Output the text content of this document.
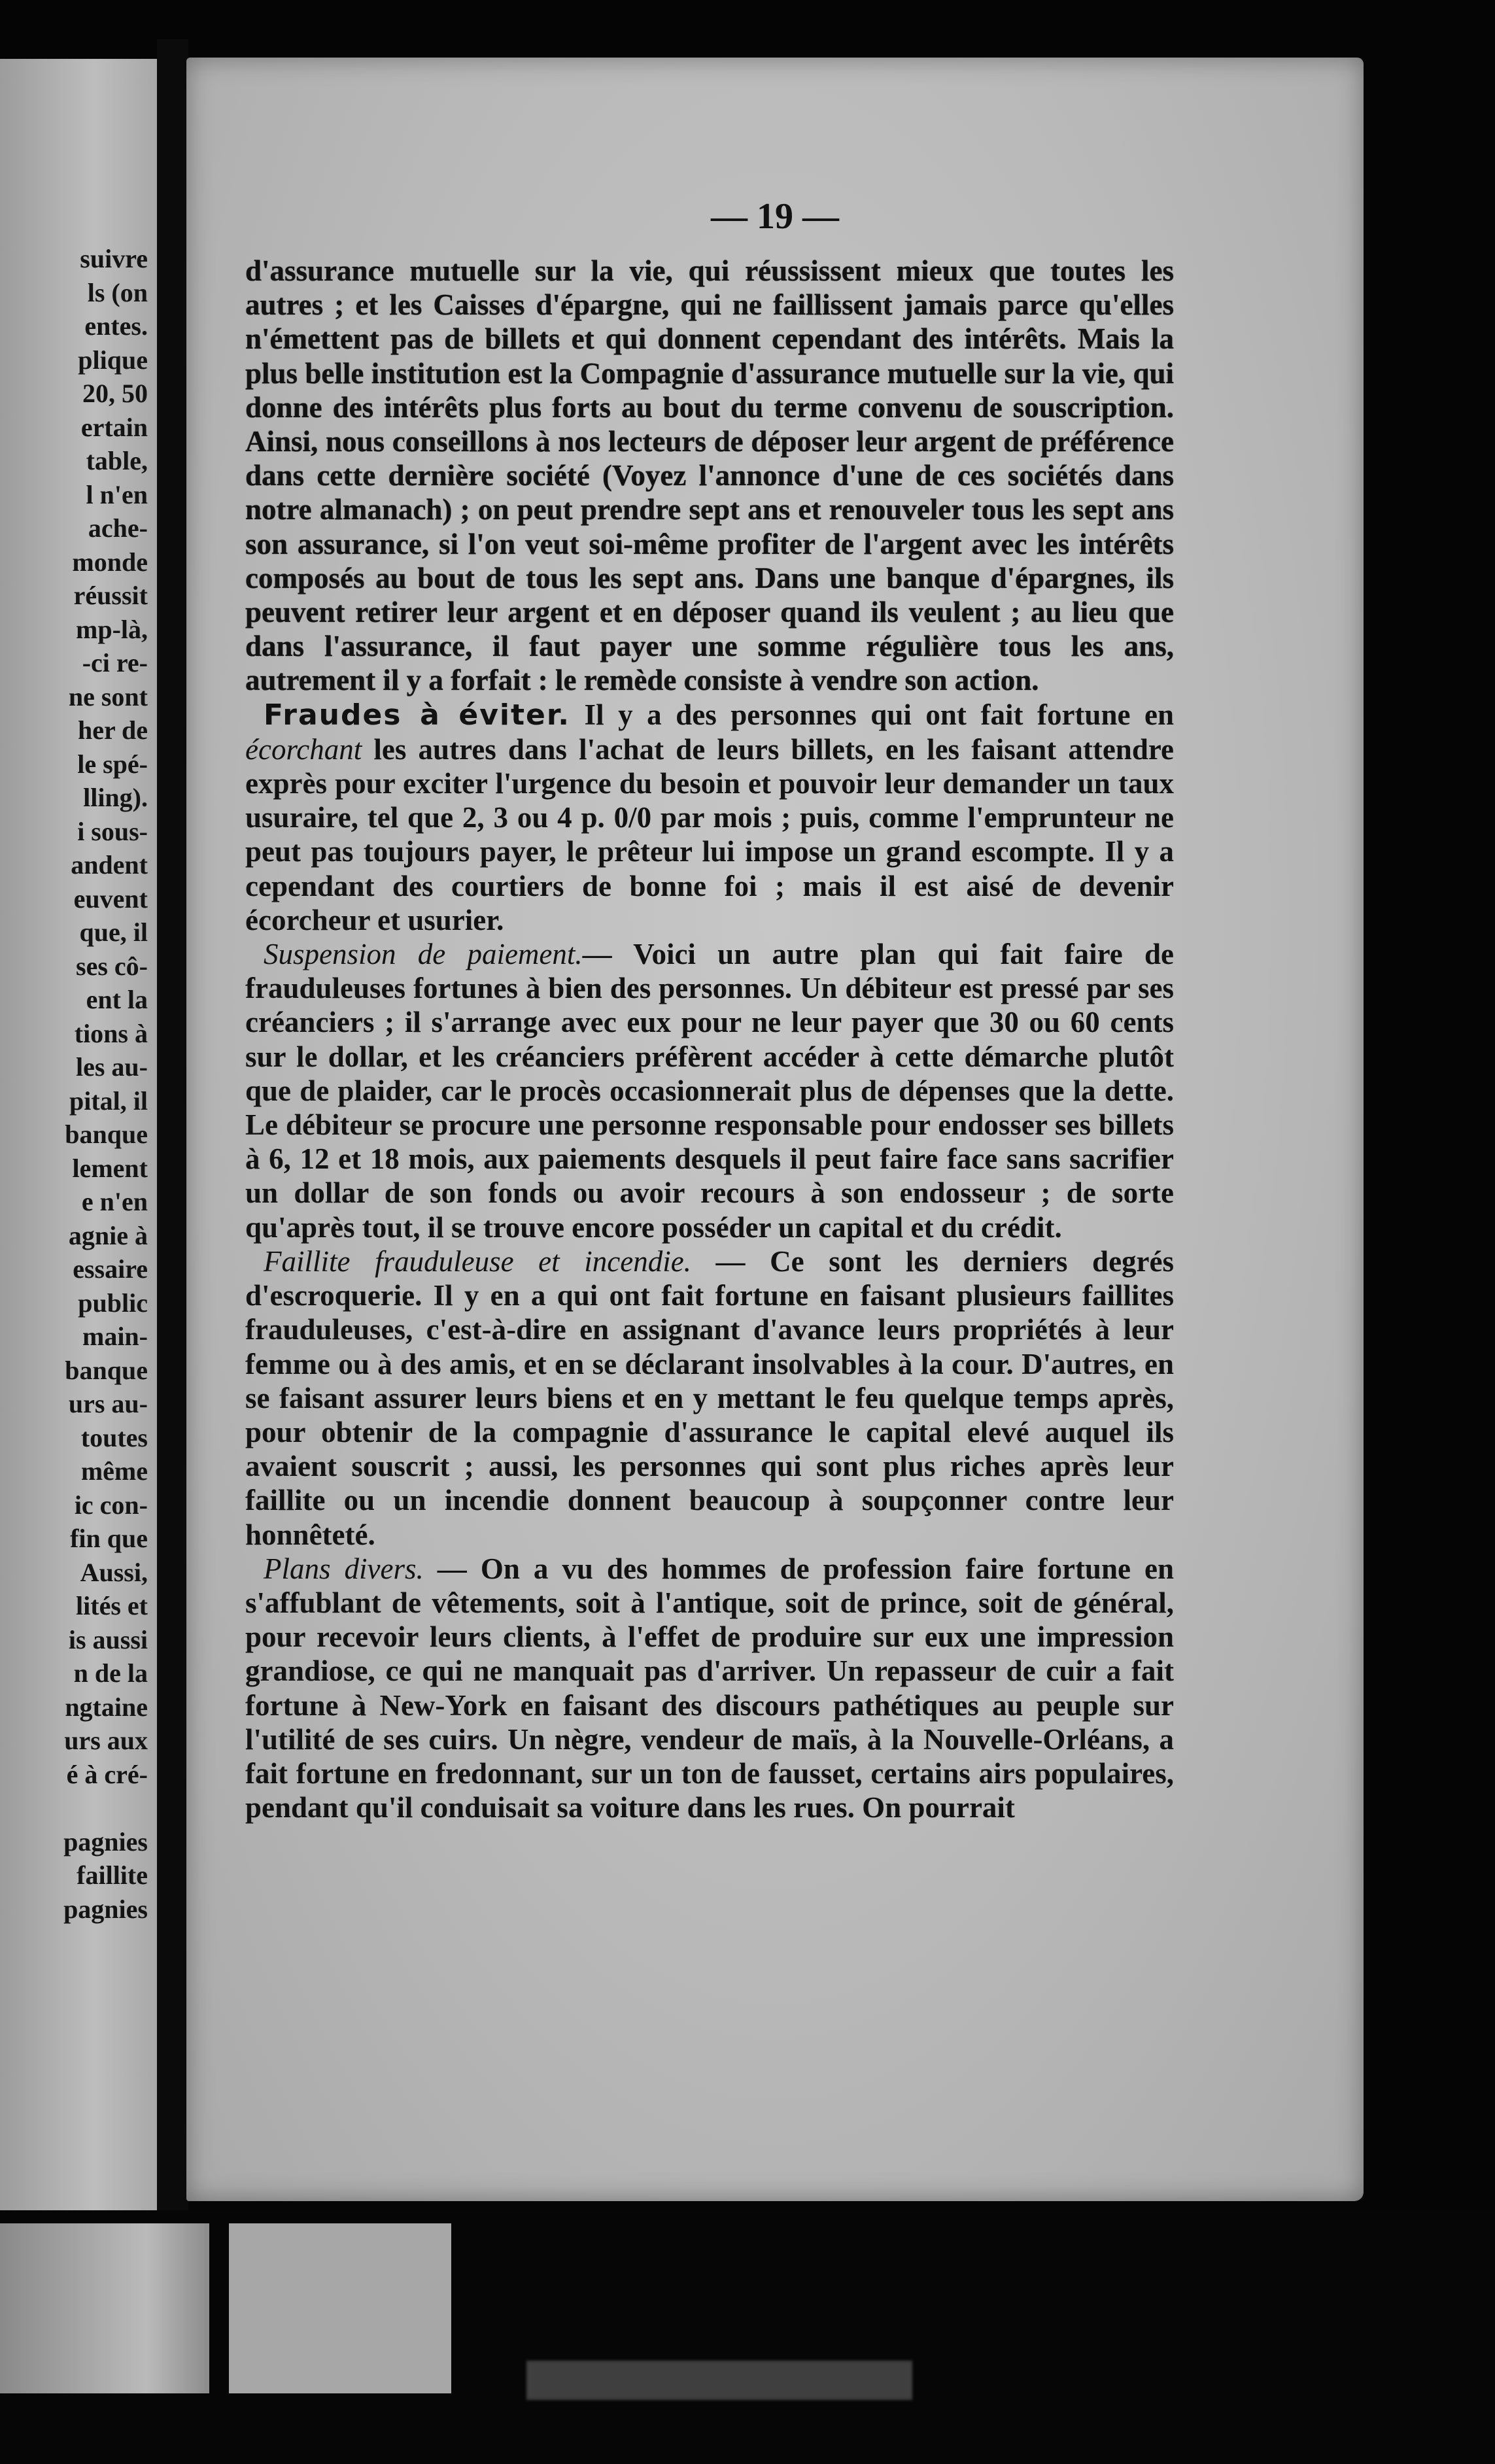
suivre
ls (on
entes.
plique
20, 50
ertain
table,
l n'en
ache-
monde
réussit
mp-là,
-ci re-
ne sont
her de
le spé-
lling).
i sous-
andent
euvent
que, il
ses cô-
ent la
tions à
les au-
pital, il
banque
lement
e n'en
agnie à
essaire
public
main-
banque
urs au-
toutes
même
ic con-
fin que
Aussi,
lités et
is aussi
n de la
ngtaine
urs aux
é à cré-
pagnies
faillite
pagnies
— 19 —

d'assurance mutuelle sur la vie, qui réussissent mieux que toutes les autres ; et les Caisses d'épargne, qui ne faillissent jamais parce qu'elles n'émettent pas de billets et qui donnent cependant des intérêts. Mais la plus belle institution est la Compagnie d'assurance mutuelle sur la vie, qui donne des intérêts plus forts au bout du terme convenu de souscription. Ainsi, nous conseillons à nos lecteurs de déposer leur argent de préférence dans cette dernière société (Voyez l'annonce d'une de ces sociétés dans notre almanach) ; on peut prendre sept ans et renouveler tous les sept ans son assurance, si l'on veut soi-même profiter de l'argent avec les intérêts composés au bout de tous les sept ans. Dans une banque d'épargnes, ils peuvent retirer leur argent et en déposer quand ils veulent ; au lieu que dans l'assurance, il faut payer une somme régulière tous les ans, autrement il y a forfait : le remède consiste à vendre son action.

Fraudes à éviter. Il y a des personnes qui ont fait fortune en écorchant les autres dans l'achat de leurs billets, en les faisant attendre exprès pour exciter l'urgence du besoin et pouvoir leur demander un taux usuraire, tel que 2, 3 ou 4 p. 0/0 par mois ; puis, comme l'emprunteur ne peut pas toujours payer, le prêteur lui impose un grand escompte. Il y a cependant des courtiers de bonne foi ; mais il est aisé de devenir écorcheur et usurier.

Suspension de paiement.— Voici un autre plan qui fait faire de frauduleuses fortunes à bien des personnes. Un débiteur est pressé par ses créanciers ; il s'arrange avec eux pour ne leur payer que 30 ou 60 cents sur le dollar, et les créanciers préfèrent accéder à cette démarche plutôt que de plaider, car le procès occasionnerait plus de dépenses que la dette. Le débiteur se procure une personne responsable pour endosser ses billets à 6, 12 et 18 mois, aux paiements desquels il peut faire face sans sacrifier un dollar de son fonds ou avoir recours à son endosseur ; de sorte qu'après tout, il se trouve encore posséder un capital et du crédit.

Faillite frauduleuse et incendie. — Ce sont les derniers degrés d'escroquerie. Il y en a qui ont fait fortune en faisant plusieurs faillites frauduleuses, c'est-à-dire en assignant d'avance leurs propriétés à leur femme ou à des amis, et en se déclarant insolvables à la cour. D'autres, en se faisant assurer leurs biens et en y mettant le feu quelque temps après, pour obtenir de la compagnie d'assurance le capital elevé auquel ils avaient souscrit ; aussi, les personnes qui sont plus riches après leur faillite ou un incendie donnent beaucoup à soupçonner contre leur honnêteté.

Plans divers. — On a vu des hommes de profession faire fortune en s'affublant de vêtements, soit à l'antique, soit de prince, soit de général, pour recevoir leurs clients, à l'effet de produire sur eux une impression grandiose, ce qui ne manquait pas d'arriver. Un repasseur de cuir a fait fortune à New-York en faisant des discours pathétiques au peuple sur l'utilité de ses cuirs. Un nègre, vendeur de maïs, à la Nouvelle-Orléans, a fait fortune en fredonnant, sur un ton de fausset, certains airs populaires, pendant qu'il conduisait sa voiture dans les rues. On pourrait
